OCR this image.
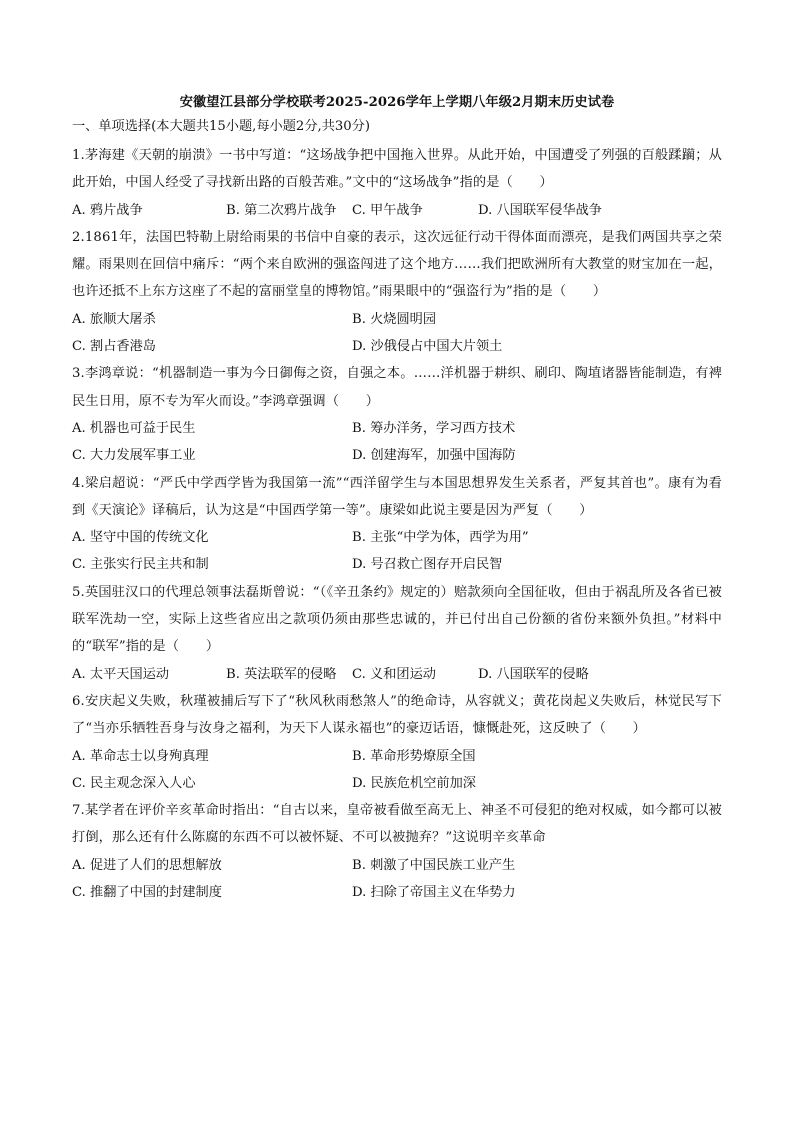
安徽望江县部分学校联考2025-2026学年上学期八年级2月期末历史试卷
一、单项选择(本大题共15小题,每小题2分,共30分)

1.茅海建《天朝的崩溃》一书中写道：“这场战争把中国拖入世界。从此开始，中国遭受了列强的百般蹂躏；从此开始，中国人经受了寻找新出路的百般苦难。”文中的“这场战争”指的是（　　）

A. 鸦片战争	B. 第二次鸦片战争	C. 甲午战争	D. 八国联军侵华战争

2.1861年，法国巴特勒上尉给雨果的书信中自豪的表示，这次远征行动干得体面而漂亮，是我们两国共享之荣耀。雨果则在回信中痛斥：“两个来自欧洲的强盗闯进了这个地方……我们把欧洲所有大教堂的财宝加在一起，也许还抵不上东方这座了不起的富丽堂皇的博物馆。”雨果眼中的“强盗行为”指的是（　　）

A. 旅顺大屠杀	B. 火烧圆明园
C. 割占香港岛	D. 沙俄侵占中国大片领土

3.李鸿章说：“机器制造一事为今日御侮之资，自强之本。……洋机器于耕织、刷印、陶埴诸器皆能制造，有裨民生日用，原不专为军火而设。”李鸿章强调（　　）

A. 机器也可益于民生	B. 筹办洋务，学习西方技术
C. 大力发展军事工业	D. 创建海军，加强中国海防

4.梁启超说：“严氏中学西学皆为我国第一流”“西洋留学生与本国思想界发生关系者，严复其首也”。康有为看到《天演论》译稿后，认为这是“中国西学第一等”。康梁如此说主要是因为严复（　　）

A. 坚守中国的传统文化	B. 主张“中学为体，西学为用”
C. 主张实行民主共和制	D. 号召救亡图存开启民智

5.英国驻汉口的代理总领事法磊斯曾说：“（《辛丑条约》规定的）赔款须向全国征收，但由于祸乱所及各省已被联军洗劫一空，实际上这些省应出之款项仍须由那些忠诚的，并已付出自己份额的省份来额外负担。”材料中的“联军”指的是（　　）

A. 太平天国运动	B. 英法联军的侵略	C. 义和团运动	D. 八国联军的侵略

6.安庆起义失败，秋瑾被捕后写下了“秋风秋雨愁煞人”的绝命诗，从容就义；黄花岗起义失败后，林觉民写下了“当亦乐牺牲吾身与汝身之福利，为天下人谋永福也”的豪迈话语，慷慨赴死，这反映了（　　）

A. 革命志士以身殉真理	B. 革命形势燎原全国
C. 民主观念深入人心	D. 民族危机空前加深

7.某学者在评价辛亥革命时指出：“自古以来，皇帝被看做至高无上、神圣不可侵犯的绝对权威，如今都可以被打倒，那么还有什么陈腐的东西不可以被怀疑、不可以被抛弃？”这说明辛亥革命

A. 促进了人们的思想解放	B. 刺激了中国民族工业产生
C. 推翻了中国的封建制度	D. 扫除了帝国主义在华势力
